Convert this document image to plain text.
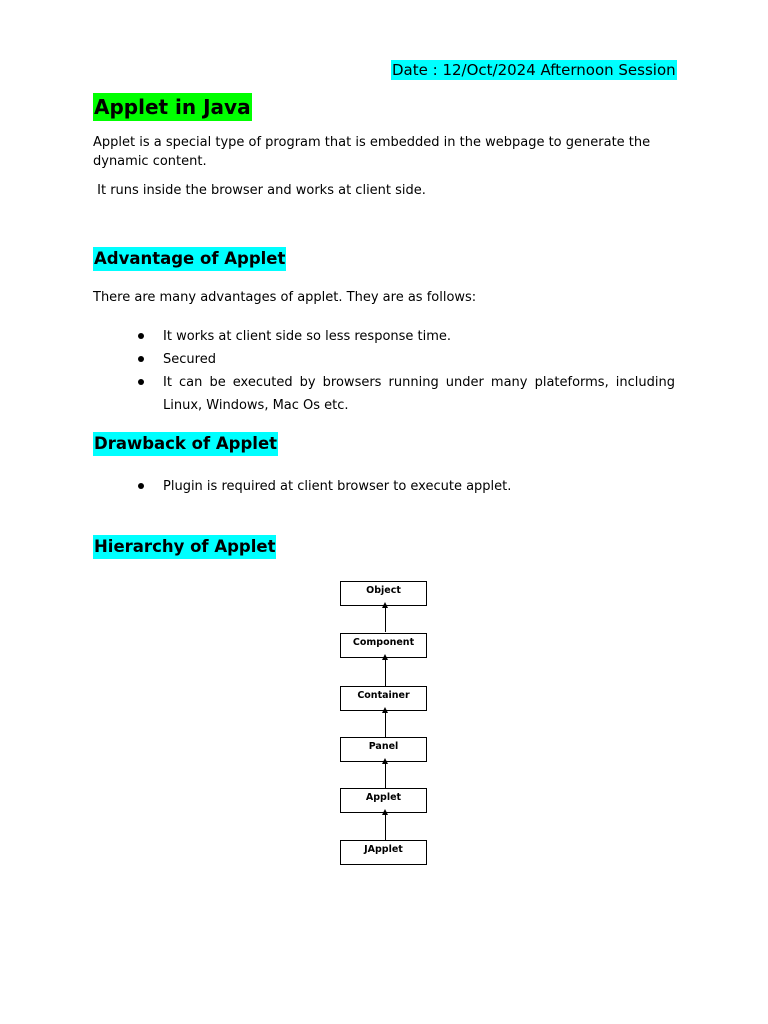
Date : 12/Oct/2024 Afternoon Session
Applet in Java
Applet is a special type of program that is embedded in the webpage to generate the dynamic content.
It runs inside the browser and works at client side.
Advantage of Applet
There are many advantages of applet. They are as follows:
It works at client side so less response time.
Secured
It can be executed by browsers running under many plateforms, including Linux, Windows, Mac Os etc.
Drawback of Applet
Plugin is required at client browser to execute applet.
Hierarchy of Applet
Object
Component
Container
Panel
Applet
JApplet
